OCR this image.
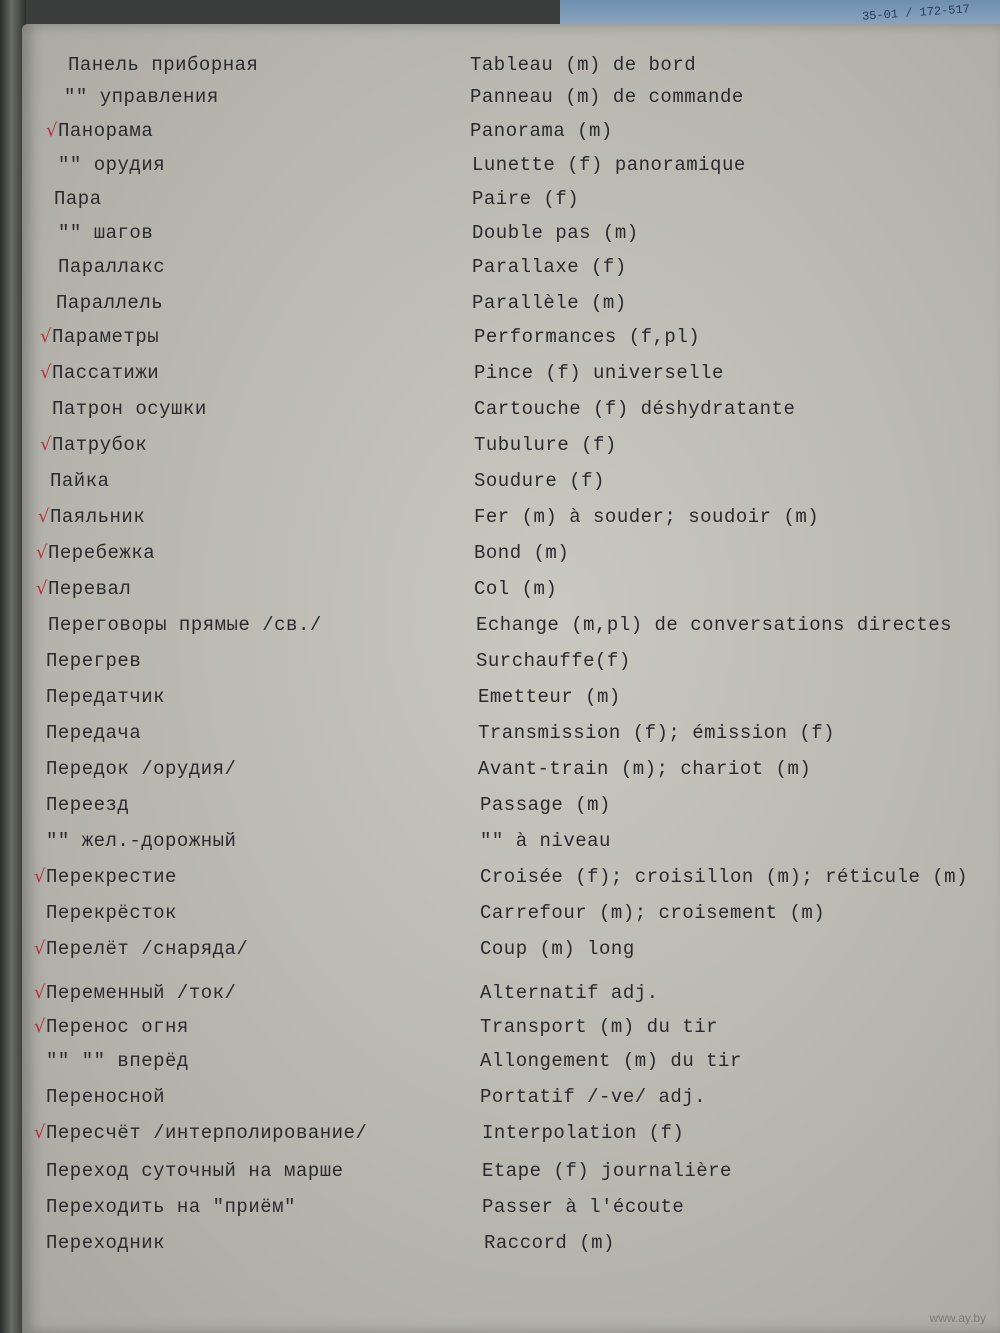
35-01 / 172-517
Панель приборная	Tableau (m) de bord
"" управления	Panneau (m) de commande
√ Панорама	Panorama (m)
"" орудия	Lunette (f) panoramique
Пара	Paire (f)
"" шагов	Double pas (m)
Параллакс	Parallaxe (f)
Параллель	Parallèle (m)
√ Параметры	Performances (f,pl)
√ Пассатижи	Pince (f) universelle
Патрон осушки	Cartouche (f) déshydratante
√ Патрубок	Tubulure (f)
Пайка	Soudure (f)
√ Паяльник	Fer (m) à souder; soudoir (m)
√ Перебежка	Bond (m)
√ Перевал	Col (m)
Переговоры прямые /св./	Echange (m,pl) de conversations directes
Перегрев	Surchauffe(f)
Передатчик	Emetteur (m)
Передача	Transmission (f); émission (f)
Передок /орудия/	Avant-train (m); chariot (m)
Переезд	Passage (m)
"" жел.-дорожный	"" à niveau
√ Перекрестие	Croisée (f); croisillon (m); réticule (m)
Перекрёсток	Carrefour (m); croisement (m)
√ Перелёт /снаряда/	Coup (m) long
√ Переменный /ток/	Alternatif adj.
√ Перенос огня	Transport (m) du tir
"" "" вперёд	Allongement (m) du tir
Переносной	Portatif /-ve/ adj.
√ Пересчёт /интерполирование/	Interpolation (f)
Переход суточный на марше	Etape (f) journalière
Переходить на "приём"	Passer à l'écoute
Переходник	Raccord (m)
www.ay.by
